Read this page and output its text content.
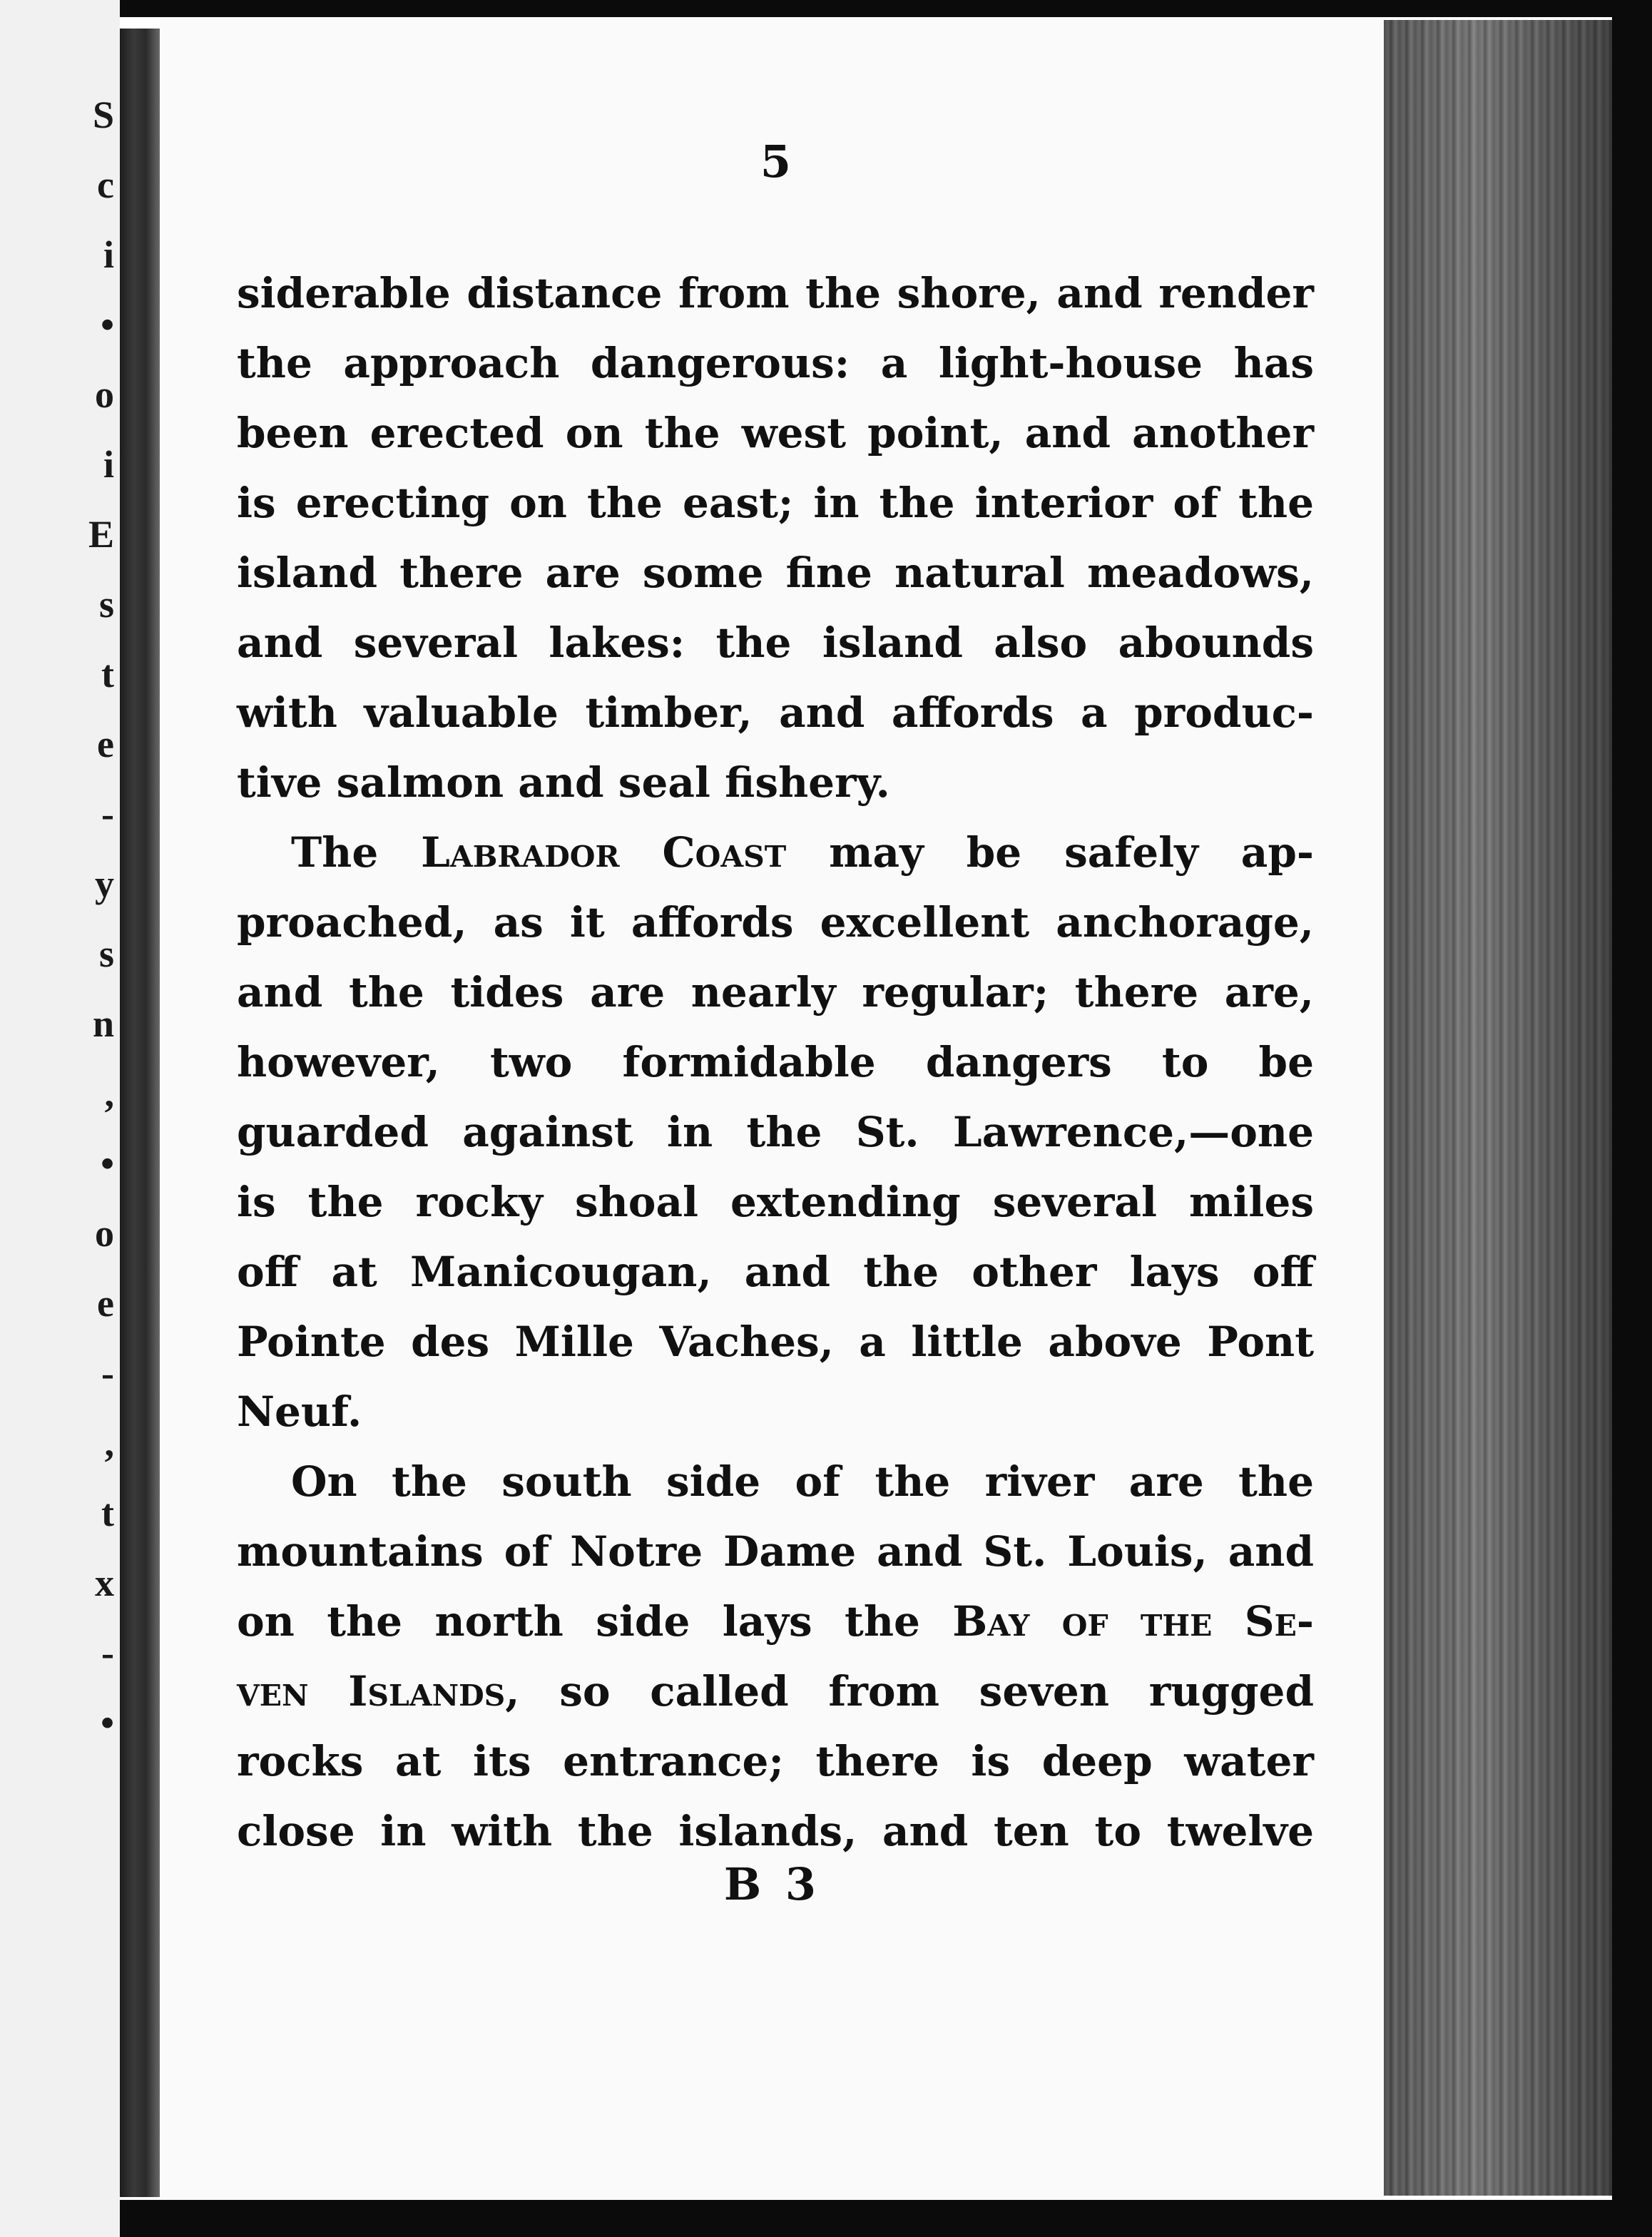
S
c
i
•
o
i
E
s
t
e
-
y
s
n
,
•
o
e
-
,
t
x
-
•
5
siderable distance from the shore, and render
the approach dangerous: a light-house has
been erected on the west point, and another
is erecting on the east; in the interior of the
island there are some fine natural meadows,
and several lakes: the island also abounds
with valuable timber, and affords a produc-
tive salmon and seal fishery.
The Labrador Coast may be safely ap-
proached, as it affords excellent anchorage,
and the tides are nearly regular; there are,
however, two formidable dangers to be
guarded against in the St. Lawrence,—one
is the rocky shoal extending several miles
off at Manicougan, and the other lays off
Pointe des Mille Vaches, a little above Pont
Neuf.
On the south side of the river are the
mountains of Notre Dame and St. Louis, and
on the north side lays the Bay of the Se-
ven Islands, so called from seven rugged
rocks at its entrance; there is deep water
close in with the islands, and ten to twelve
B 3
